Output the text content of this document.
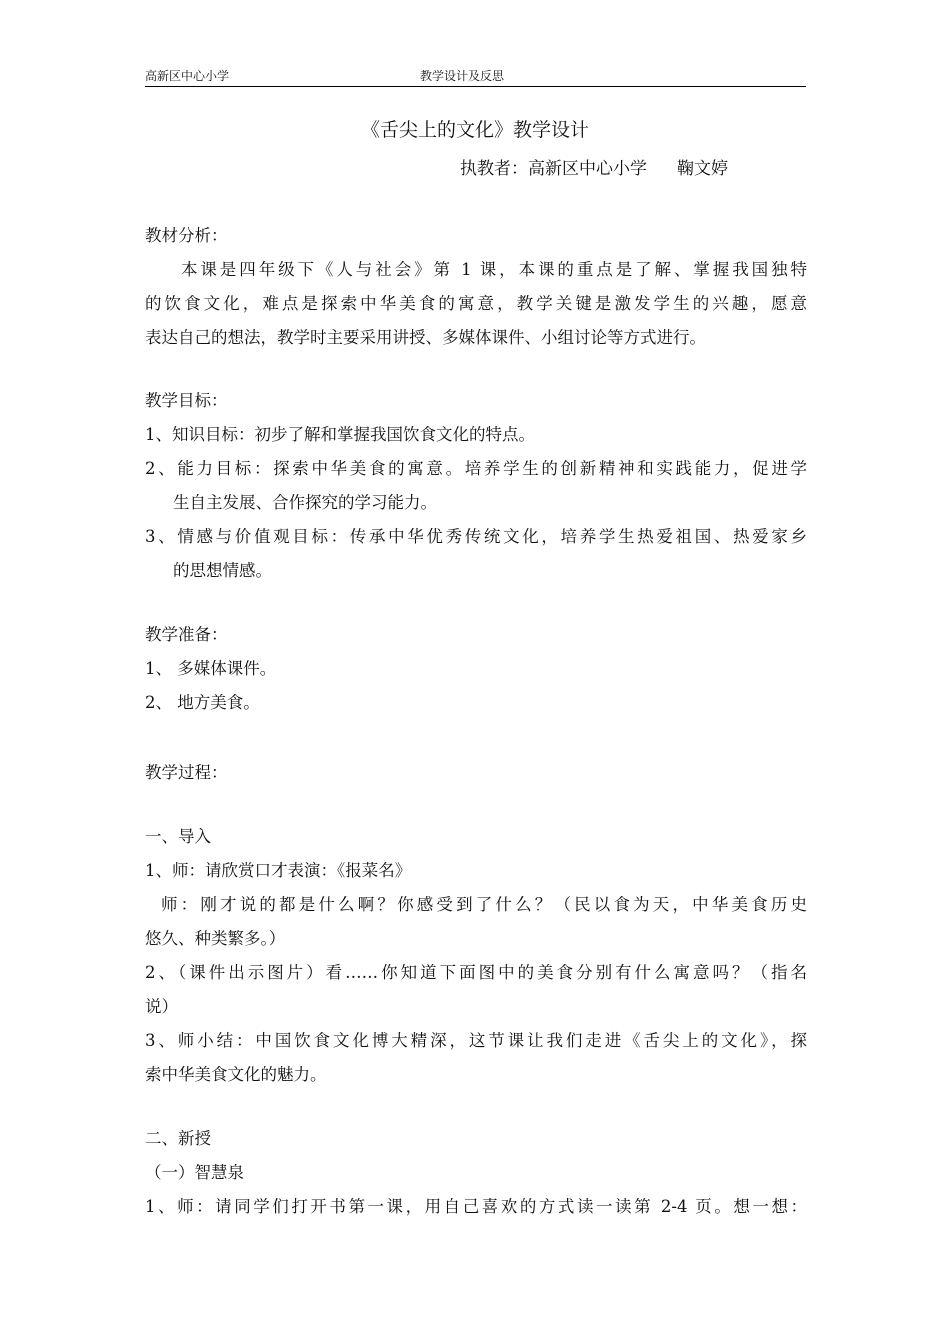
高新区中心小学	教学设计及反思
《舌尖上的文化》教学设计
执教者：高新区中心小学 鞠文婷
教材分析：
本课是四年级下《人与社会》第 1 课，本课的重点是了解、掌握我国独特
的饮食文化，难点是探索中华美食的寓意，教学关键是激发学生的兴趣，愿意
表达自己的想法，教学时主要采用讲授、多媒体课件、小组讨论等方式进行。
教学目标：
1、知识目标：初步了解和掌握我国饮食文化的特点。
2、能力目标：探索中华美食的寓意。培养学生的创新精神和实践能力，促进学
生自主发展、合作探究的学习能力。
3、情感与价值观目标：传承中华优秀传统文化，培养学生热爱祖国、热爱家乡
的思想情感。
教学准备：
1、 多媒体课件。
2、 地方美食。
教学过程：
一、导入
1、师：请欣赏口才表演：《报菜名》
师：刚才说的都是什么啊？你感受到了什么？（民以食为天，中华美食历史
悠久、种类繁多。）
2、（课件出示图片）看……你知道下面图中的美食分别有什么寓意吗？（指名
说）
3、师小结：中国饮食文化博大精深，这节课让我们走进《舌尖上的文化》，探
索中华美食文化的魅力。
二、新授
（一）智慧泉
1、师：请同学们打开书第一课，用自己喜欢的方式读一读第 2-4 页。想一想：
